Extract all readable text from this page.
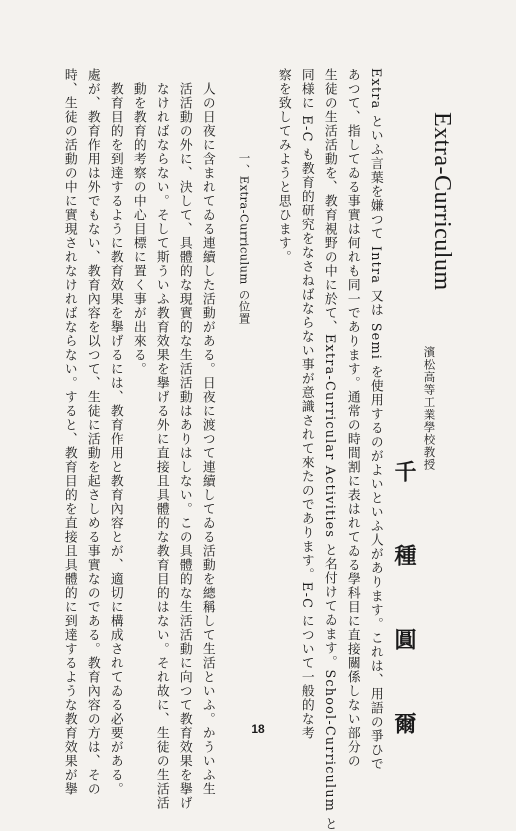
Extra-Curriculum
濱松高等工業學校教授
千　種　圓　爾
Extra といふ言葉を嫌つて Intra 又は Semi を使用するのがよいといふ人があります。これは、用語の爭ひで
あつて、指してゐる事實は何れも同一であります。通常の時間割に表はれてゐる學科目に直接關係しない部分の
生徒の生活活動を、教育視野の中に於て、Extra-Curricular Activities と名付けてゐます。School-Curriculum と
同様に E-C も教育的研究をなさねばならない事が意識されて來たのであります。E-C について一般的な考
察を致してみようと思ひます。
一、Extra-Curriculum の位置
人の日夜に含まれてゐる連續した活動がある。日夜に渡つて連續してゐる活動を總稱して生活といふ。かういふ生
活活動の外に、決して、具體的な現實的な生活活動はありはしない。この具體的な生活活動に向つて教育效果を擧げ
なければならない。そして斯ういふ教育效果を擧げる外に直接且具體的な教育目的はない。それ故に、生徒の生活活
動を教育的考察の中心目標に置く事が出來る。
教育目的を到達するように教育效果を擧げるには、教育作用と教育內容とが、適切に構成されてゐる必要がある。
處が、教育作用は外でもない、教育內容を以つて、生徒に活動を起さしめる事實なのである。教育內容の方は、その
時、生徒の活動の中に實現されなければならない。すると、教育目的を直接且具體的に到達するような教育效果が擧	18
